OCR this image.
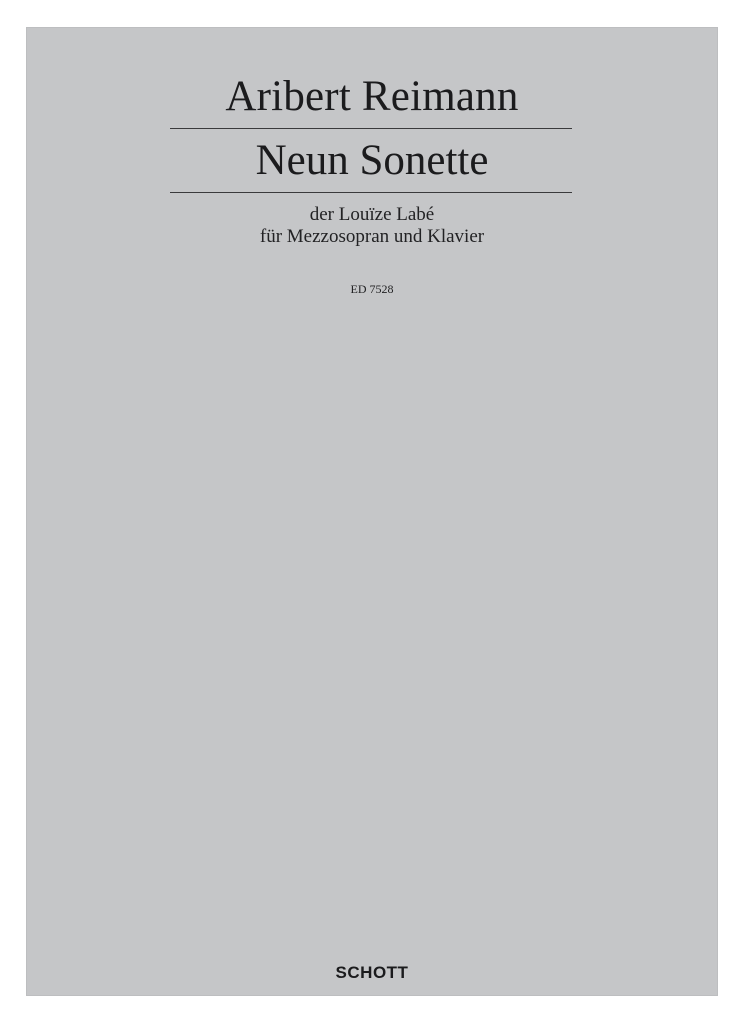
Aribert Reimann
Neun Sonette
der Louïze Labé
für Mezzosopran und Klavier
ED 7528
SCHOTT
